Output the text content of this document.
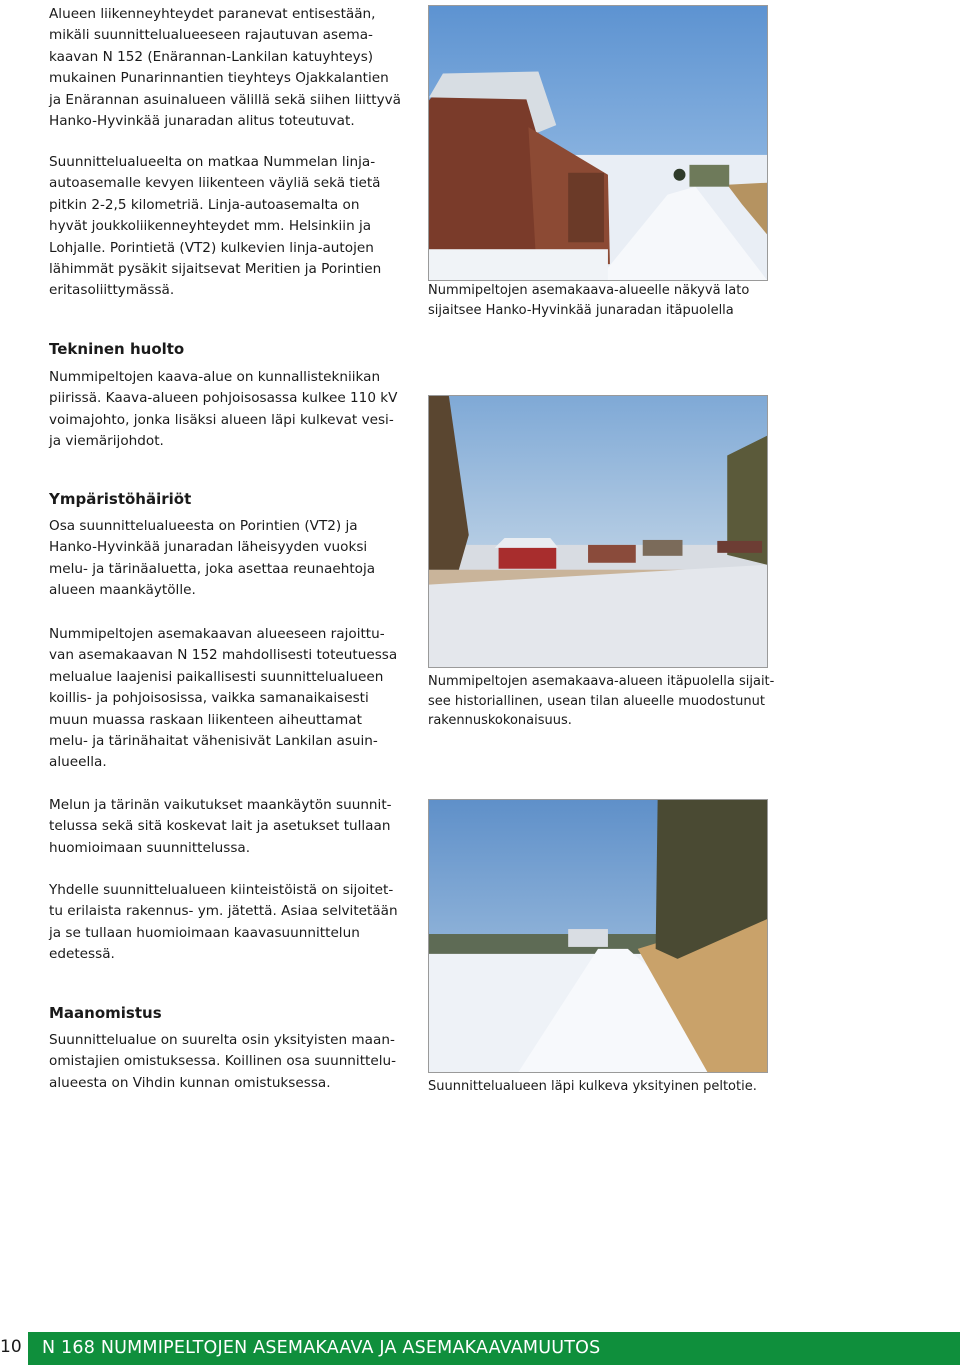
Alueen liikenneyhteydet paranevat entisestään,
mikäli suunnittelualueeseen rajautuvan asema-
kaavan N 152 (Enärannan-Lankilan katuyhteys)
mukainen Punarinnantien tieyhteys Ojakkalantien
ja Enärannan asuinalueen välillä sekä siihen liittyvä
Hanko-Hyvinkää junaradan alitus toteutuvat.

Suunnittelualueelta on matkaa Nummelan linja-
autoasemalle kevyen liikenteen väyliä sekä tietä
pitkin 2-2,5 kilometriä. Linja-autoasemalta on
hyvät joukkoliikenneyhteydet mm. Helsinkiin ja
Lohjalle. Porintietä (VT2) kulkevien linja-autojen
lähimmät pysäkit sijaitsevat Meritien ja Porintien
eritasoliittymässä.

Tekninen huolto

Nummipeltojen kaava-alue on kunnallistekniikan
piirissä. Kaava-alueen pohjoisosassa kulkee 110 kV
voimajohto, jonka lisäksi alueen läpi kulkevat vesi-
ja viemärijohdot.

Ympäristöhäiriöt

Osa suunnittelualueesta on Porintien (VT2) ja
Hanko-Hyvinkää junaradan läheisyyden vuoksi
melu- ja tärinäaluetta, joka asettaa reunaehtoja
alueen maankäytölle.

Nummipeltojen asemakaavan alueeseen rajoittu-
van asemakaavan N 152 mahdollisesti toteutuessa
melualue laajenisi paikallisesti suunnittelualueen
koillis- ja pohjoisosissa, vaikka samanaikaisesti
muun muassa raskaan liikenteen aiheuttamat
melu- ja tärinähaitat vähenisivät Lankilan asuin-
alueella.

Melun ja tärinän vaikutukset maankäytön suunnit-
telussa sekä sitä koskevat lait ja asetukset tullaan
huomioimaan suunnittelussa.

Yhdelle suunnittelualueen kiinteistöistä on sijoitet-
tu erilaista rakennus- ym. jätettä. Asiaa selvitetään
ja se tullaan huomioimaan kaavasuunnittelun
edetessä.

Maanomistus

Suunnittelualue on suurelta osin yksityisten maan-
omistajien omistuksessa. Koillinen osa suunnittelu-
alueesta on Vihdin kunnan omistuksessa.

Nummipeltojen asemakaava-alueelle näkyvä lato
sijaitsee Hanko-Hyvinkää junaradan itäpuolella

Nummipeltojen asemakaava-alueen itäpuolella sijait-
see historiallinen, usean tilan alueelle muodostunut
rakennuskokonaisuus.

Suunnittelualueen läpi kulkeva yksityinen peltotie.

10 N 168 NUMMIPELTOJEN ASEMAKAAVA JA ASEMAKAAVAMUUTOS
